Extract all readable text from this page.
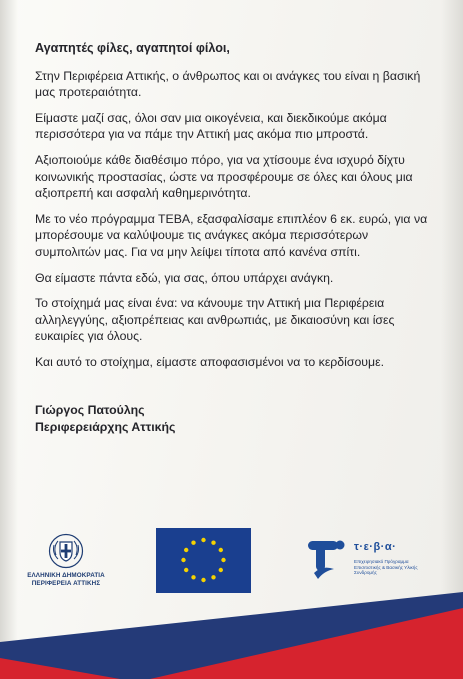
Αγαπητές φίλες, αγαπητοί φίλοι,

Στην Περιφέρεια Αττικής, ο άνθρωπος και οι ανάγκες του είναι η βασική μας προτεραιότητα.

Είμαστε μαζί σας, όλοι σαν μια οικογένεια, και διεκδικούμε ακόμα περισσότερα για να πάμε την Αττική μας ακόμα πιο μπροστά.

Αξιοποιούμε κάθε διαθέσιμο πόρο, για να χτίσουμε ένα ισχυρό δίχτυ κοινωνικής προστασίας, ώστε να προσφέρουμε σε όλες και όλους μια αξιοπρεπή και ασφαλή καθημερινότητα.

Με το νέο πρόγραμμα ΤΕΒΑ, εξασφαλίσαμε επιπλέον 6 εκ. ευρώ, για να μπορέσουμε να καλύψουμε τις ανάγκες ακόμα περισσότερων συμπολιτών μας. Για να μην λείψει τίποτα από κανένα σπίτι.

Θα είμαστε πάντα εδώ, για σας, όπου υπάρχει ανάγκη.

Το στοίχημά μας είναι ένα: να κάνουμε την Αττική μια Περιφέρεια αλληλεγγύης, αξιοπρέπειας και ανθρωπιάς, με δικαιοσύνη και ίσες ευκαιρίες για όλους.

Και αυτό το στοίχημα, είμαστε αποφασισμένοι να το κερδίσουμε.

Γιώργος Πατούλης
Περιφερειάρχης Αττικής
ΕΛΛΗΝΙΚΗ ΔΗΜΟΚΡΑΤΙΑ
ΠΕΡΙΦΕΡΕΙΑ ΑΤΤΙΚΗΣ
τ·ε·β·α·
Επιχειρησιακό Πρόγραμμα Επισιτιστικής & Βασικής Υλικής Συνδρομής
